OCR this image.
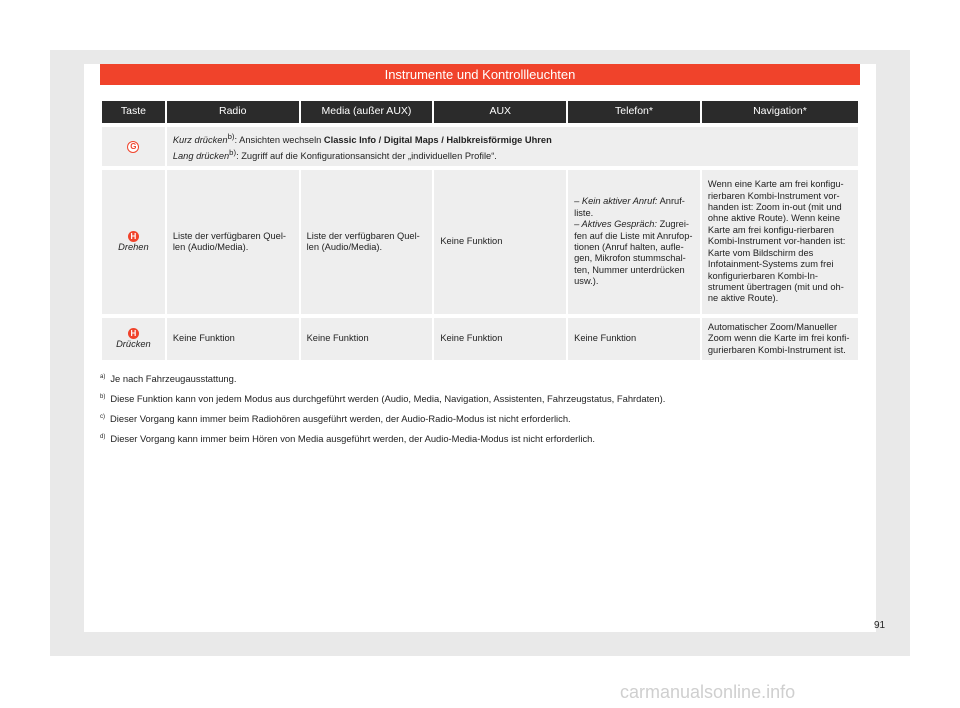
Instrumente und Kontrollleuchten
Taste	Radio	Media (außer AUX)	AUX	Telefon*	Navigation*
G	Kurz drücken$^{b)}$: Ansichten wechseln Classic Info / Digital Maps / Halbkreisförmige Uhren
Lang drücken$^{b)}$: Zugriff auf die Konfigurationsansicht der „individuellen Profile“.				
H
Drehen	Liste der verfügbaren Quel-len (Audio/Media).	Liste der verfügbaren Quel-len (Audio/Media).	Keine Funktion	– Kein aktiver Anruf: Anruf-liste.
– Aktives Gespräch: Zugrei-fen auf die Liste mit Anrufop-tionen (Anruf halten, aufle-gen, Mikrofon stummschal-ten, Nummer unterdrücken usw.).	Wenn eine Karte am frei konfigu-rierbaren Kombi-Instrument vor-handen ist: Zoom in-out (mit und ohne aktive Route). Wenn keine Karte am frei konfigu-rierbaren Kombi-Instrument vor-handen ist: Karte vom Bildschirm des Infotainment-Systems zum frei konfigurierbaren Kombi-In-strument übertragen (mit und oh-ne aktive Route).
H
Drücken	Keine Funktion	Keine Funktion	Keine Funktion	Keine Funktion	Automatischer Zoom/Manueller Zoom wenn die Karte im frei konfi-gurierbaren Kombi-Instrument ist.
$^{a)}$ Je nach Fahrzeugausstattung.
$^{b)}$ Diese Funktion kann von jedem Modus aus durchgeführt werden (Audio, Media, Navigation, Assistenten, Fahrzeugstatus, Fahrdaten).
$^{c)}$ Dieser Vorgang kann immer beim Radiohören ausgeführt werden, der Audio-Radio-Modus ist nicht erforderlich.
$^{d)}$ Dieser Vorgang kann immer beim Hören von Media ausgeführt werden, der Audio-Media-Modus ist nicht erforderlich.
91
carmanualsonline.info
